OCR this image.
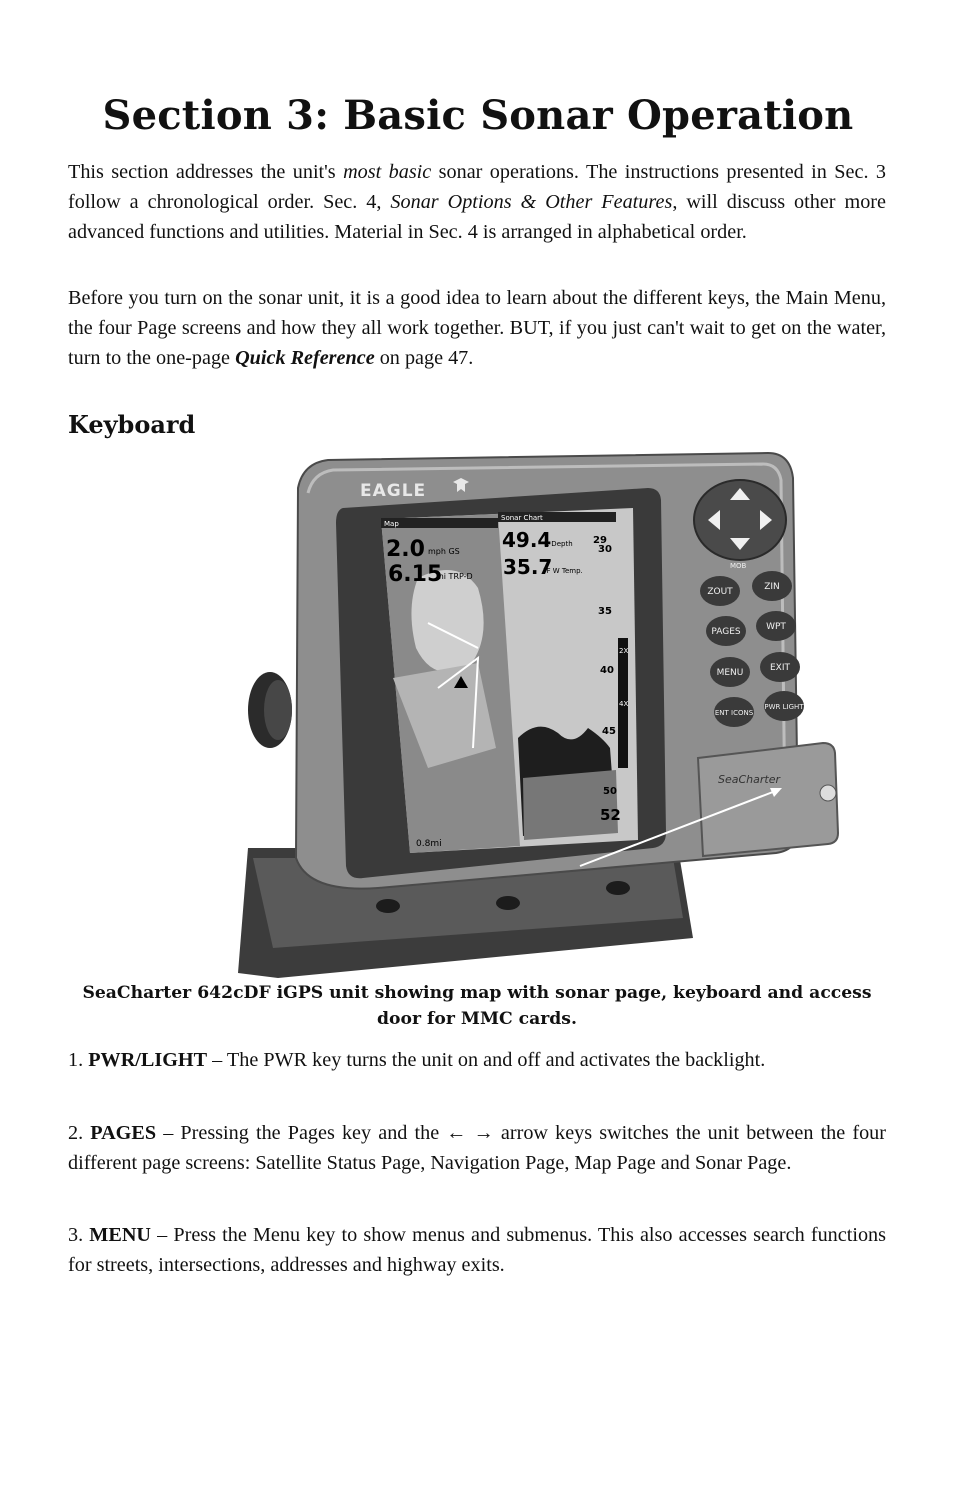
Section 3: Basic Sonar Operation

This section addresses the unit's most basic sonar operations. The instructions presented in Sec. 3 follow a chronological order. Sec. 4, Sonar Options & Other Features, will discuss other more advanced functions and utilities. Material in Sec. 4 is arranged in alphabetical order.

Before you turn on the sonar unit, it is a good idea to learn about the different keys, the Main Menu, the four Page screens and how they all work together. BUT, if you just can't wait to get on the water, turn to the one-page Quick Reference on page 47.

Keyboard
EAGLE
Map
2.0 mph GS
6.15
mi TRP-D
0.8mi
Sonar Chart
49.4
ft Depth
35.7
°F W Temp.
29
30
35
40
45
50
52
2X
4X
MOB
ZOUT	ZIN
PAGES	WPT
MENU	EXIT
ENT ICONS
PWR LIGHT
SeaCharter

SeaCharter 642cDF iGPS unit showing map with sonar page, keyboard and access door for MMC cards.

1. PWR/LIGHT – The PWR key turns the unit on and off and activates the backlight.

2. PAGES – Pressing the Pages key and the ← → arrow keys switches the unit between the four different page screens: Satellite Status Page, Navigation Page, Map Page and Sonar Page.

3. MENU – Press the Menu key to show menus and submenus. This also accesses search functions for streets, intersections, addresses and highway exits.
